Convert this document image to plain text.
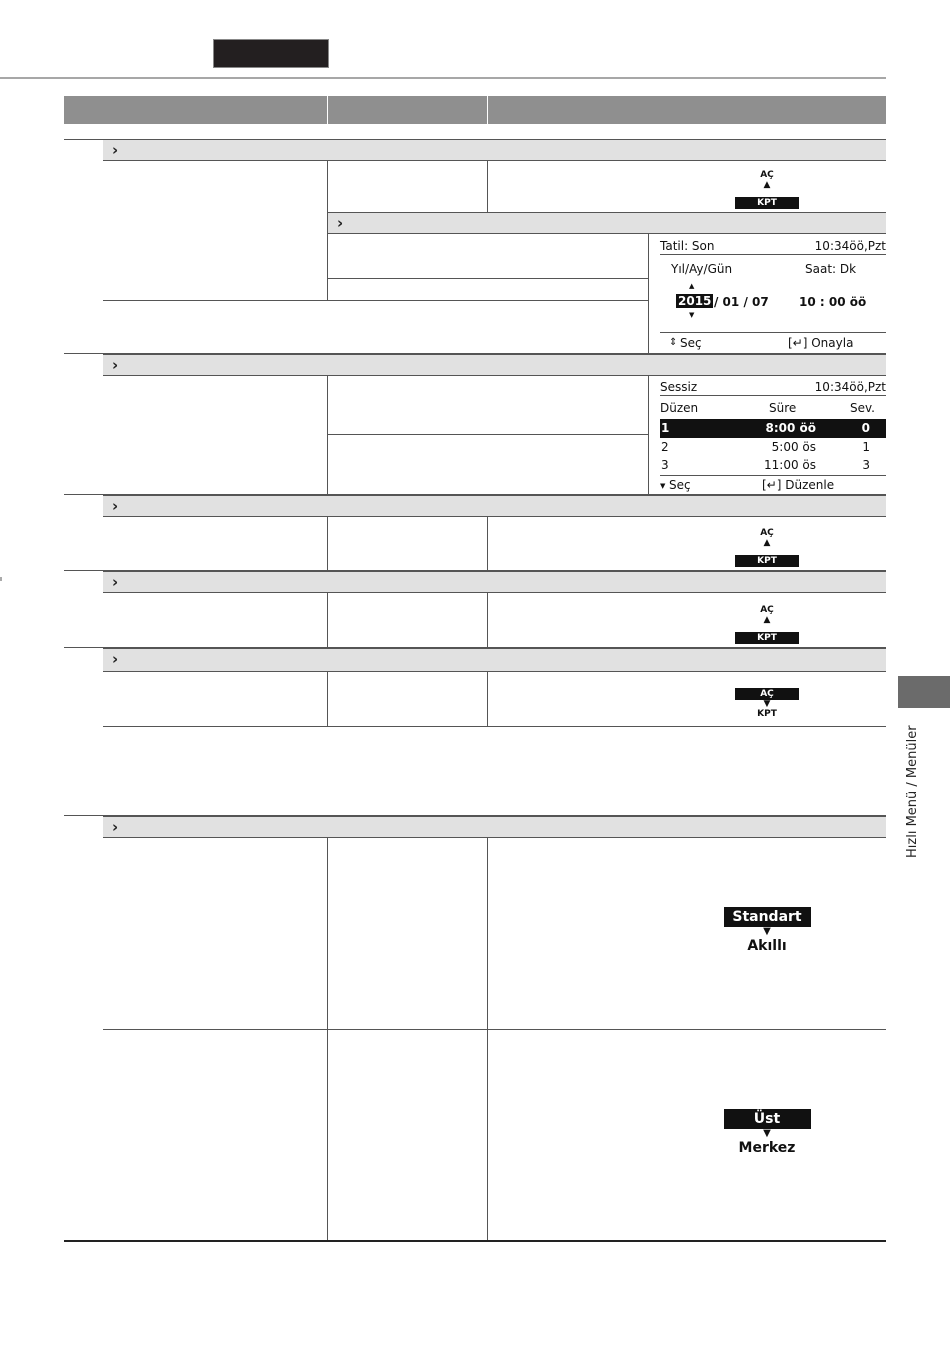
›
AÇ
▲
KPT
›
Tatil: Son	10:34öö,Pzt
Yıl/Ay/Gün	Saat: Dk
▲
2015 / 01 / 07	10 : 00 öö
▼
⇕ Seç	[↵] Onayla
›
Sessiz	10:34öö,Pzt
Düzen	Süre	Sev.
1	8:00 öö	0
2	5:00 ös	1
3	11:00 ös	3
▼ Seç	[↵] Düzenle
›
AÇ
▲
KPT
›
AÇ
▲
KPT
›
AÇ
▼
KPT
›
Standart
▼
Akıllı
Üst
▼
Merkez
Hızlı Menü / Menüler
